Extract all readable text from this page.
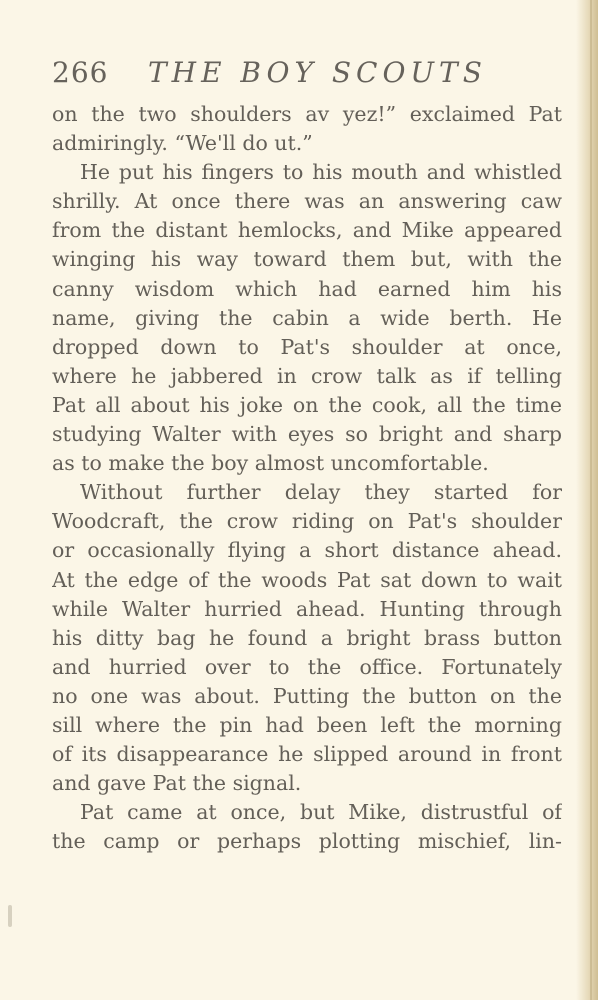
266 THE BOY SCOUTS
on the two shoulders av yez!” exclaimed Pat
admiringly. “We'll do ut.”
He put his fingers to his mouth and whistled
shrilly. At once there was an answering caw
from the distant hemlocks, and Mike appeared
winging his way toward them but, with the
canny wisdom which had earned him his
name, giving the cabin a wide berth. He
dropped down to Pat's shoulder at once,
where he jabbered in crow talk as if telling
Pat all about his joke on the cook, all the time
studying Walter with eyes so bright and sharp
as to make the boy almost uncomfortable.
Without further delay they started for
Woodcraft, the crow riding on Pat's shoulder
or occasionally flying a short distance ahead.
At the edge of the woods Pat sat down to wait
while Walter hurried ahead. Hunting through
his ditty bag he found a bright brass button
and hurried over to the office. Fortunately
no one was about. Putting the button on the
sill where the pin had been left the morning
of its disappearance he slipped around in front
and gave Pat the signal.
Pat came at once, but Mike, distrustful of
the camp or perhaps plotting mischief, lin-
